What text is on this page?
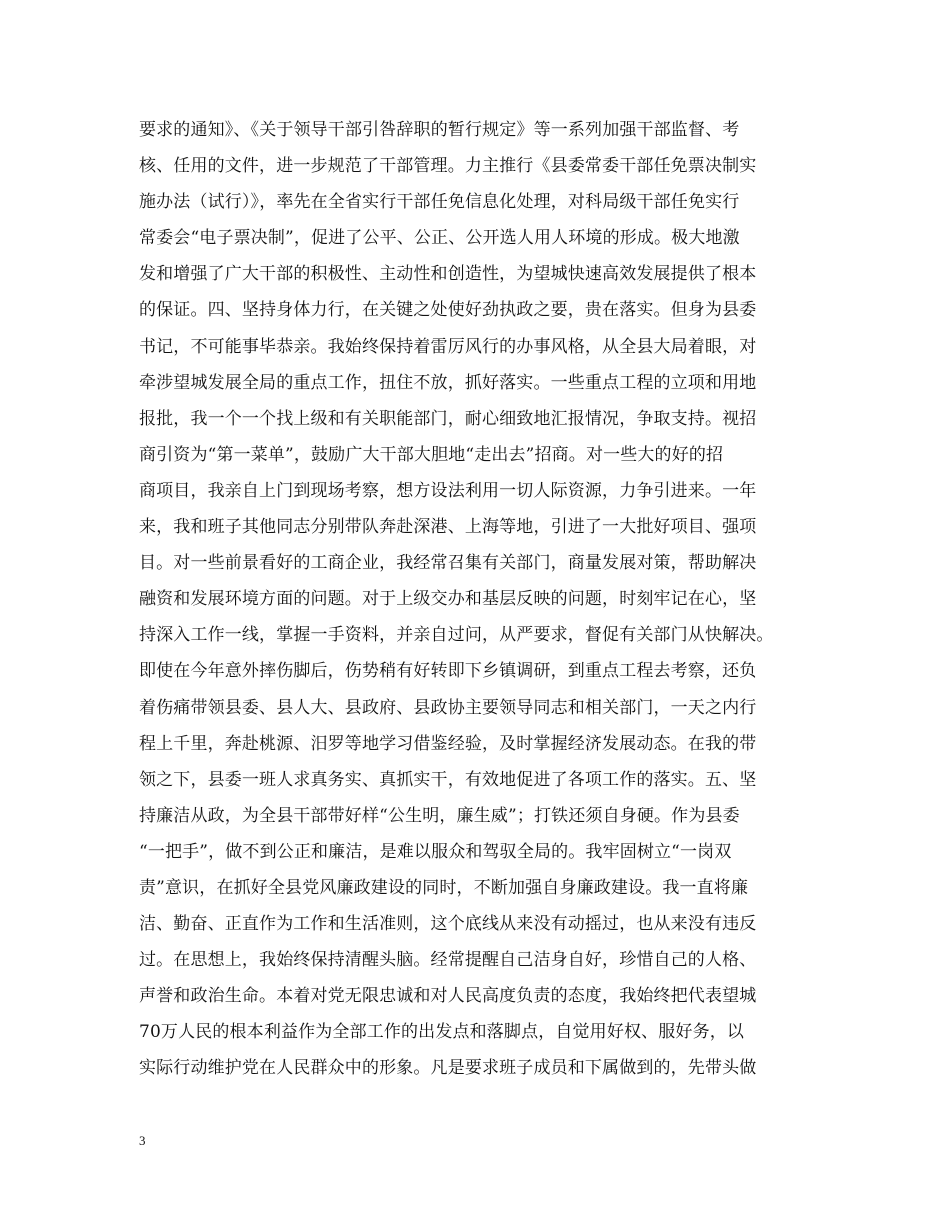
要求的通知》、《关于领导干部引咎辞职的暂行规定》等一系列加强干部监督、考
核、任用的文件，进一步规范了干部管理。力主推行《县委常委干部任免票决制实
施办法（试行）》，率先在全省实行干部任免信息化处理，对科局级干部任免实行
常委会“电子票决制”，促进了公平、公正、公开选人用人环境的形成。极大地激
发和增强了广大干部的积极性、主动性和创造性，为望城快速高效发展提供了根本
的保证。四、坚持身体力行，在关键之处使好劲执政之要，贵在落实。但身为县委
书记，不可能事毕恭亲。我始终保持着雷厉风行的办事风格，从全县大局着眼，对
牵涉望城发展全局的重点工作，扭住不放，抓好落实。一些重点工程的立项和用地
报批，我一个一个找上级和有关职能部门，耐心细致地汇报情况，争取支持。视招
商引资为“第一菜单”，鼓励广大干部大胆地“走出去”招商。对一些大的好的招
商项目，我亲自上门到现场考察，想方设法利用一切人际资源，力争引进来。一年
来，我和班子其他同志分别带队奔赴深港、上海等地，引进了一大批好项目、强项
目。对一些前景看好的工商企业，我经常召集有关部门，商量发展对策，帮助解决
融资和发展环境方面的问题。对于上级交办和基层反映的问题，时刻牢记在心，坚
持深入工作一线，掌握一手资料，并亲自过问，从严要求，督促有关部门从快解决。
即使在今年意外摔伤脚后，伤势稍有好转即下乡镇调研，到重点工程去考察，还负
着伤痛带领县委、县人大、县政府、县政协主要领导同志和相关部门，一天之内行
程上千里，奔赴桃源、汨罗等地学习借鉴经验，及时掌握经济发展动态。在我的带
领之下，县委一班人求真务实、真抓实干，有效地促进了各项工作的落实。五、坚
持廉洁从政，为全县干部带好样“公生明，廉生威”；打铁还须自身硬。作为县委
“一把手”，做不到公正和廉洁，是难以服众和驾驭全局的。我牢固树立“一岗双
责”意识，在抓好全县党风廉政建设的同时，不断加强自身廉政建设。我一直将廉
洁、勤奋、正直作为工作和生活准则，这个底线从来没有动摇过，也从来没有违反
过。在思想上，我始终保持清醒头脑。经常提醒自己洁身自好，珍惜自己的人格、
声誉和政治生命。本着对党无限忠诚和对人民高度负责的态度，我始终把代表望城
70万人民的根本利益作为全部工作的出发点和落脚点，自觉用好权、服好务，以
实际行动维护党在人民群众中的形象。凡是要求班子成员和下属做到的，先带头做
3
